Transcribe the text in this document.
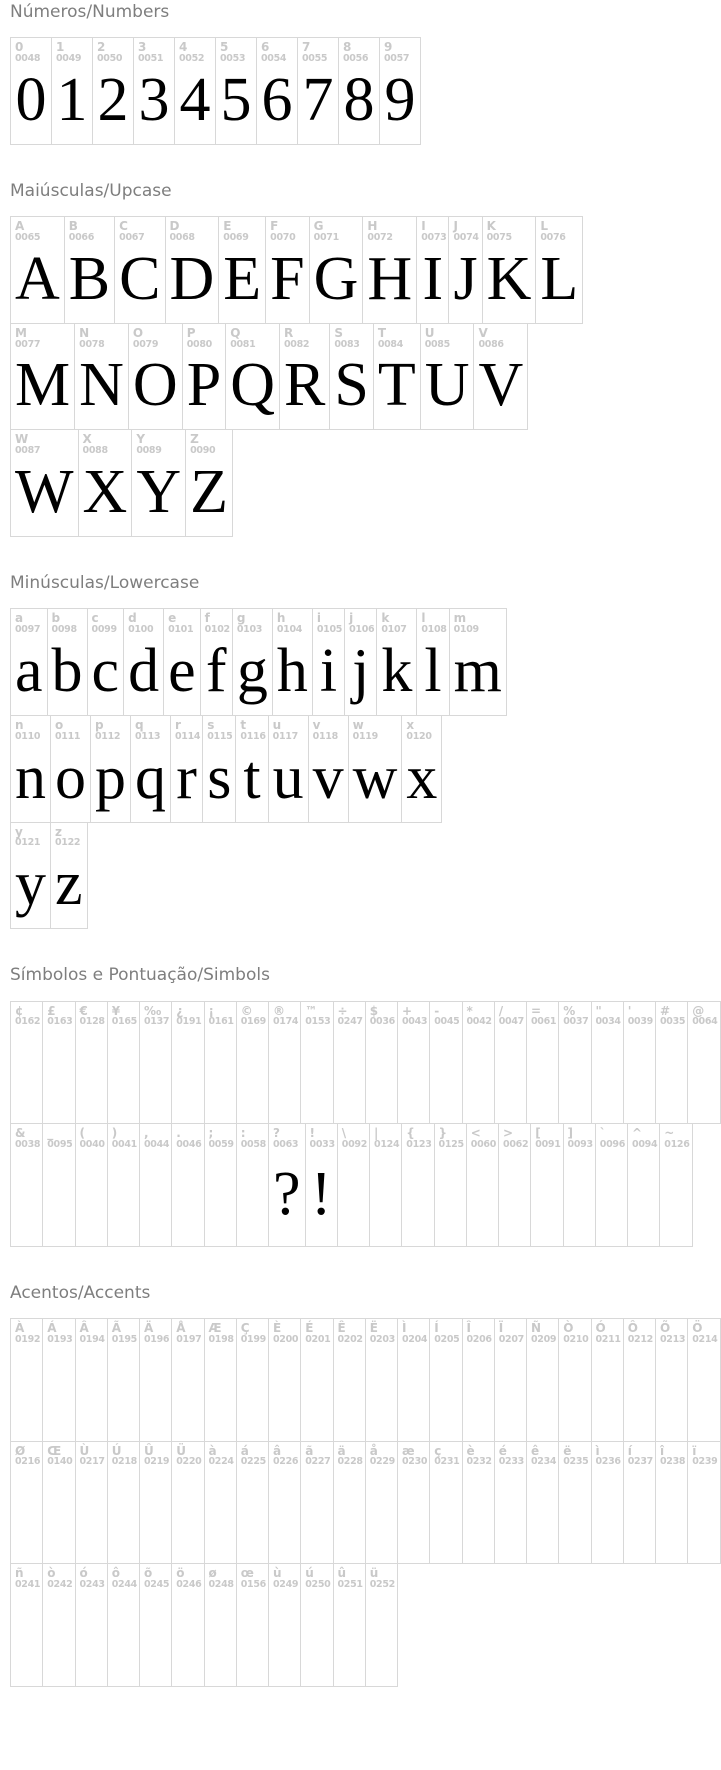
Números/Numbers
0
0048
0
1
0049
1
2
0050
2
3
0051
3
4
0052
4
5
0053
5
6
0054
6
7
0055
7
8
0056
8
9
0057
9
Maiúsculas/Upcase
A
0065
A
B
0066
B
C
0067
C
D
0068
D
E
0069
E
F
0070
F
G
0071
G
H
0072
H
I
0073
I
J
0074
J
K
0075
K
L
0076
L
M
0077
M
N
0078
N
O
0079
O
P
0080
P
Q
0081
Q
R
0082
R
S
0083
S
T
0084
T
U
0085
U
V
0086
V
W
0087
W
X
0088
X
Y
0089
Y
Z
0090
Z
Minúsculas/Lowercase
a
0097
a
b
0098
b
c
0099
c
d
0100
d
e
0101
e
f
0102
f
g
0103
g
h
0104
h
i
0105
i
j
0106
j
k
0107
k
l
0108
l
m
0109
m
n
0110
n
o
0111
o
p
0112
p
q
0113
q
r
0114
r
s
0115
s
t
0116
t
u
0117
u
v
0118
v
w
0119
w
x
0120
x
y
0121
y
z
0122
z
Símbolos e Pontuação/Simbols
¢
0162
£
0163
€
0128
¥
0165
‰
0137
¿
0191
¡
0161
©
0169
®
0174
™
0153
÷
0247
$
0036
+
0043
-
0045
*
0042
/
0047
=
0061
%
0037
"
0034
'
0039
#
0035
@
0064
&
0038
_
0095
(
0040
)
0041
,
0044
.
0046
;
0059
:
0058
?
0063
?
!
0033
!
\
0092
|
0124
{
0123
}
0125
<
0060
>
0062
[
0091
]
0093
`
0096
^
0094
~
0126
Acentos/Accents
À
0192
Á
0193
Â
0194
Ã
0195
Ä
0196
Å
0197
Æ
0198
Ç
0199
È
0200
É
0201
Ê
0202
Ë
0203
Ì
0204
Í
0205
Î
0206
Ï
0207
Ñ
0209
Ò
0210
Ó
0211
Ô
0212
Õ
0213
Ö
0214
Ø
0216
Œ
0140
Ù
0217
Ú
0218
Û
0219
Ü
0220
à
0224
á
0225
â
0226
ã
0227
ä
0228
å
0229
æ
0230
ç
0231
è
0232
é
0233
ê
0234
ë
0235
ì
0236
í
0237
î
0238
ï
0239
ñ
0241
ò
0242
ó
0243
ô
0244
õ
0245
ö
0246
ø
0248
œ
0156
ù
0249
ú
0250
û
0251
ü
0252
